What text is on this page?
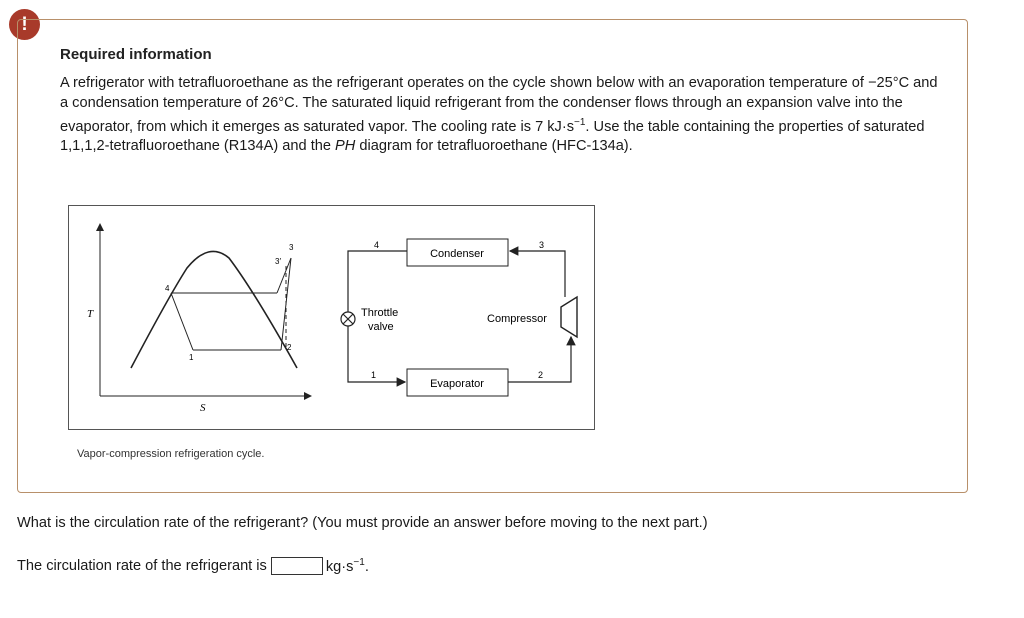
!
Required information
A refrigerator with tetrafluoroethane as the refrigerant operates on the cycle shown below with an evaporation temperature of −25°C and a condensation temperature of 26°C. The saturated liquid refrigerant from the condenser flows through an expansion valve into the evaporator, from which it emerges as saturated vapor. The cooling rate is 7 $kJ\cdot s^{-1}$. Use the table containing the properties of saturated 1,1,1,2-tetrafluoroethane (R134A) and the PH diagram for tetrafluoroethane (HFC-134a).
T
S
3
3′
4
1
2
Condenser
Evaporator
Compressor
Throttle
valve
4	3
1	2
Vapor-compression refrigeration cycle.
What is the circulation rate of the refrigerant? (You must provide an answer before moving to the next part.)
The circulation rate of the refrigerant is	$kg\cdot s^{-1}$.
